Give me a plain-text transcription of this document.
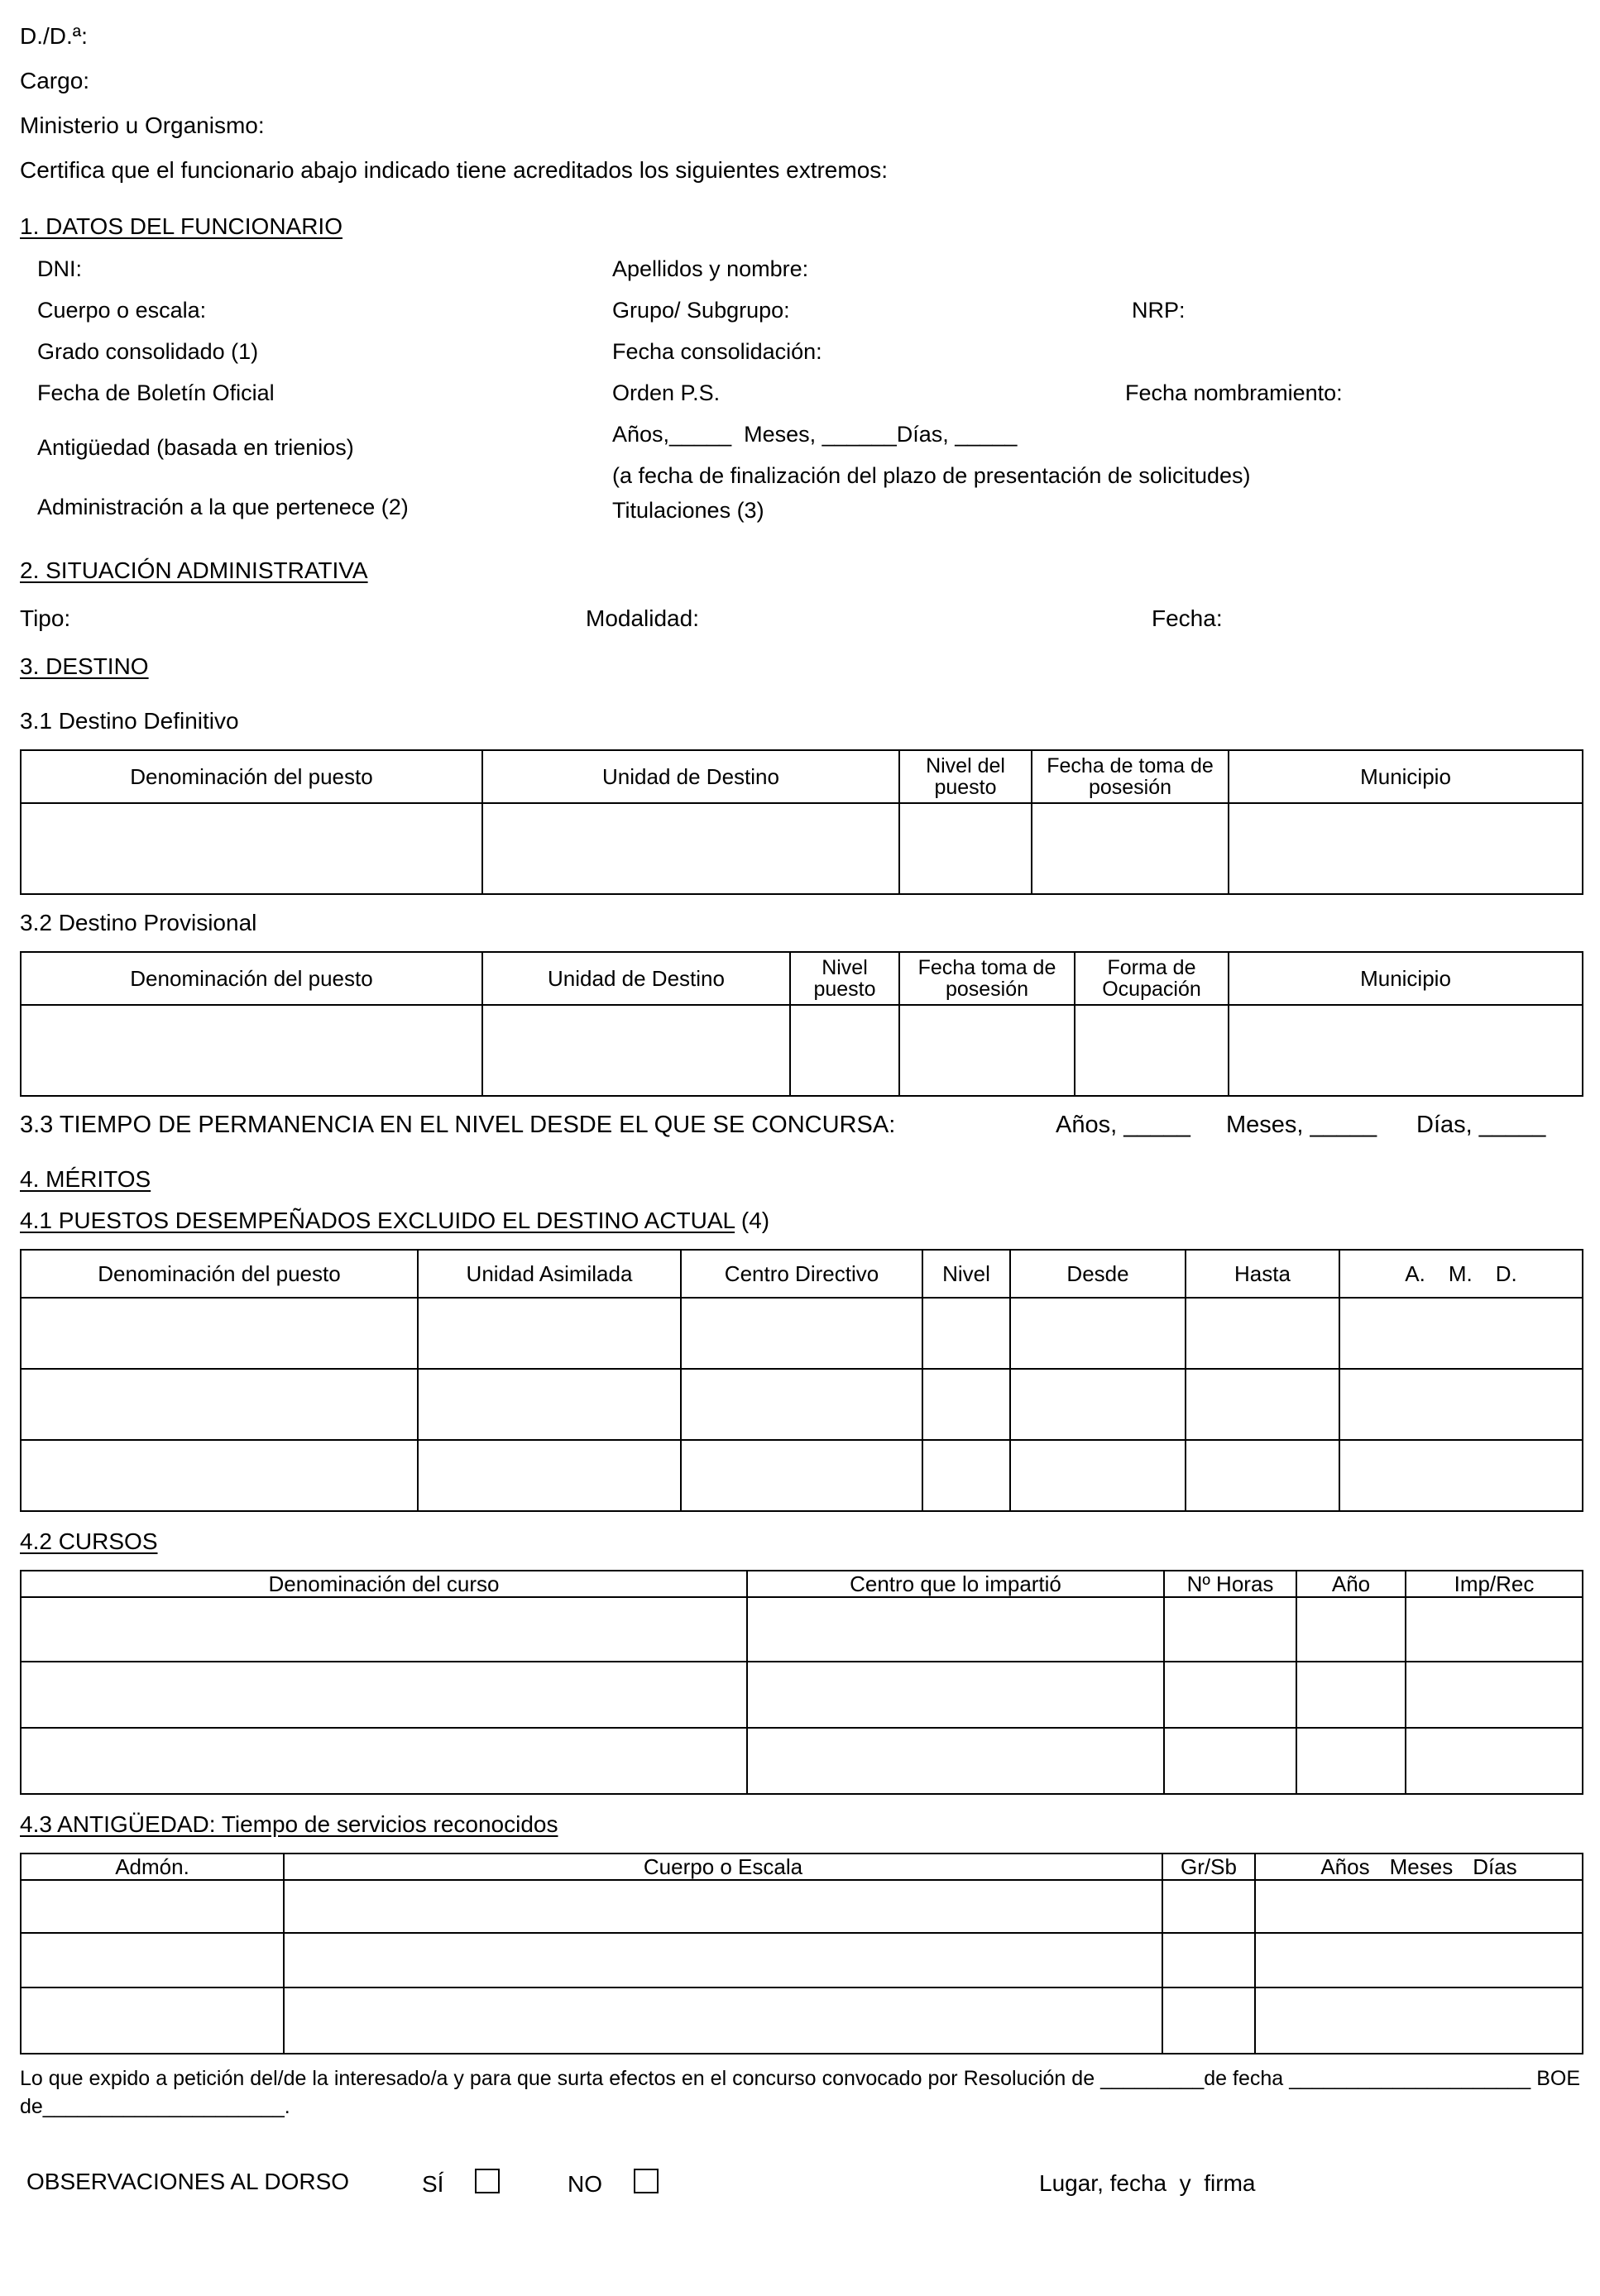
D./D.ª:
Cargo:
Ministerio u Organismo:
Certifica que el funcionario abajo indicado tiene acreditados los siguientes extremos:
1. DATOS DEL FUNCIONARIO
DNI:	Apellidos y nombre:
Cuerpo o escala:	Grupo/ Subgrupo:	NRP:
Grado consolidado (1)	Fecha consolidación:
Fecha de Boletín Oficial	Orden P.S.	Fecha nombramiento:
Antigüedad (basada en trienios)
Años,_____  Meses, ______Días, _____
(a fecha de finalización del plazo de presentación de solicitudes)
Administración a la que pertenece (2)	Titulaciones (3)
2. SITUACIÓN ADMINISTRATIVA
Tipo:	Modalidad:	Fecha:
3. DESTINO
3.1 Destino Definitivo
Denominación del puesto	Unidad de Destino	Nivel del puesto	Fecha de toma de posesión	Municipio

3.2 Destino Provisional
Denominación del puesto	Unidad de Destino	Nivel puesto	Fecha toma de posesión	Forma de Ocupación	Municipio

3.3 TIEMPO DE PERMANENCIA EN EL NIVEL DESDE EL QUE SE CONCURSA:	Años, _____ Meses, _____ Días, _____
4. MÉRITOS
4.1 PUESTOS DESEMPEÑADOS EXCLUIDO EL DESTINO ACTUAL (4)
Denominación del puesto	Unidad Asimilada	Centro Directivo	Nivel	Desde	Hasta	A. M. D.

4.2 CURSOS
Denominación del curso	Centro que lo impartió	Nº Horas	Año	Imp/Rec

4.3 ANTIGÜEDAD: Tiempo de servicios reconocidos
Admón.	Cuerpo o Escala	Gr/Sb	Años Meses Días

Lo que expido a petición del/de la interesado/a y para que surta efectos en el concurso convocado por Resolución de _________de fecha _____________________ BOE de_____________________.
OBSERVACIONES AL DORSO	SÍ	NO	Lugar, fecha  y  firma
